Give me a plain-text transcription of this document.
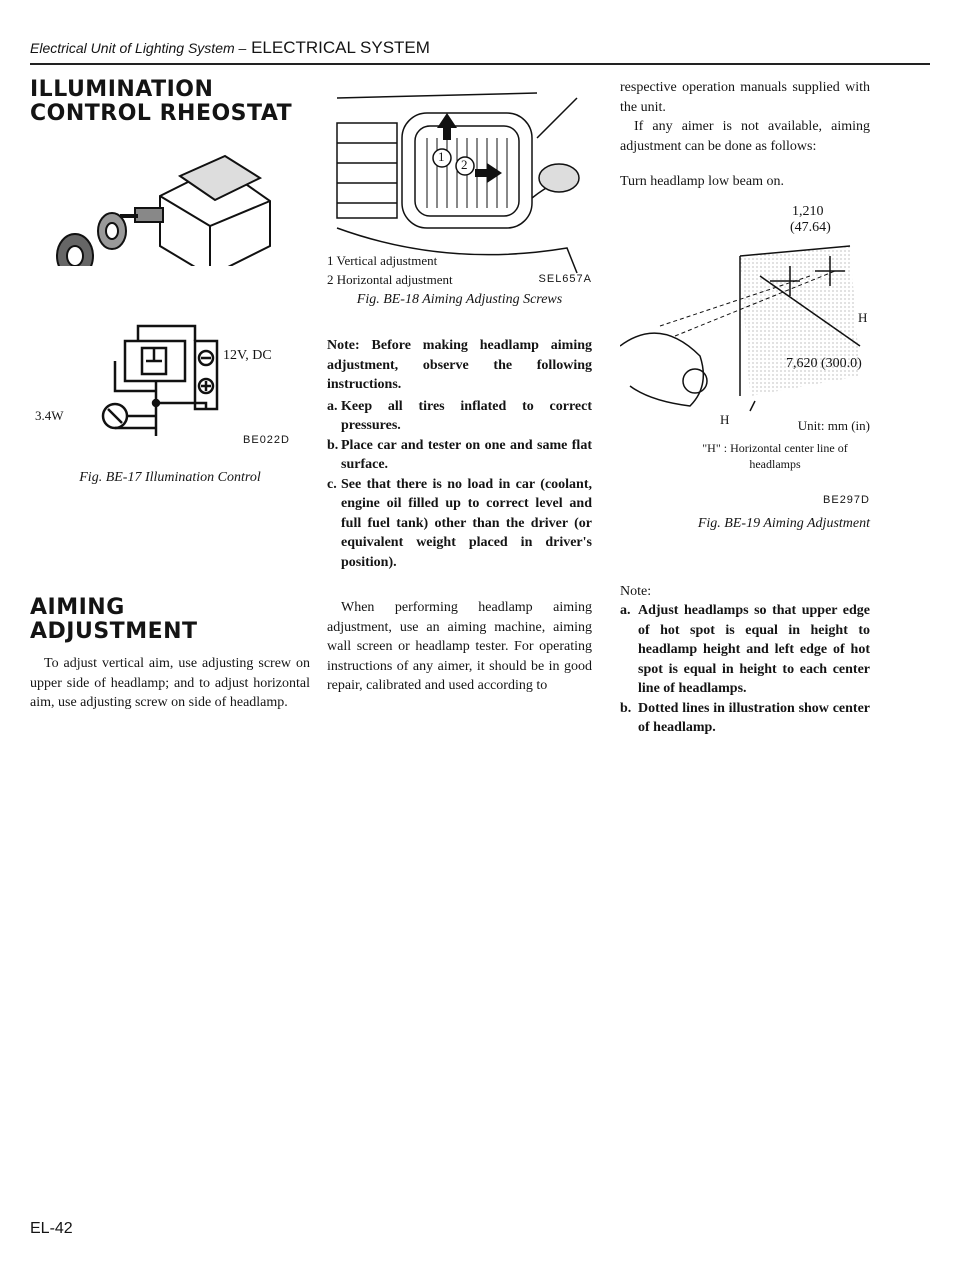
Electrical Unit of Lighting System – ELECTRICAL SYSTEM
ILLUMINATION
CONTROL RHEOSTAT
12V, DC
3.4W
BE022D

Fig. BE-17 Illumination Control

AIMING
ADJUSTMENT

To adjust vertical aim, use adjusting screw on upper side of headlamp; and to adjust horizontal aim, use adjusting screw on side of headlamp.

1
2
1 Vertical adjustment
2 Horizontal adjustment	SEL657A

Fig. BE-18 Aiming Adjusting Screws

Note: Before making headlamp aiming adjustment, observe the following instructions.

a. Keep all tires inflated to correct pressures.
b. Place car and tester on one and same flat surface.
c. See that there is no load in car (coolant, engine oil filled up to correct level and full fuel tank) other than the driver (or equivalent weight placed in driver's position).

When performing headlamp aiming adjustment, use an aiming machine, aiming wall screen or headlamp tester. For operating instructions of any aimer, it should be in good repair, calibrated and used according to

respective operation manuals supplied with the unit.

If any aimer is not available, aiming adjustment can be done as follows:

Turn headlamp low beam on.

1,210
(47.64)
H
7,620 (300.0)
H	Unit: mm (in)

"H" : Horizontal center line of headlamps

BE297D

Fig. BE-19 Aiming Adjustment

Note:

a. Adjust headlamps so that upper edge of hot spot is equal in height to headlamp height and left edge of hot spot is equal in height to each center line of headlamps.
b. Dotted lines in illustration show center of headlamp.
EL-42
